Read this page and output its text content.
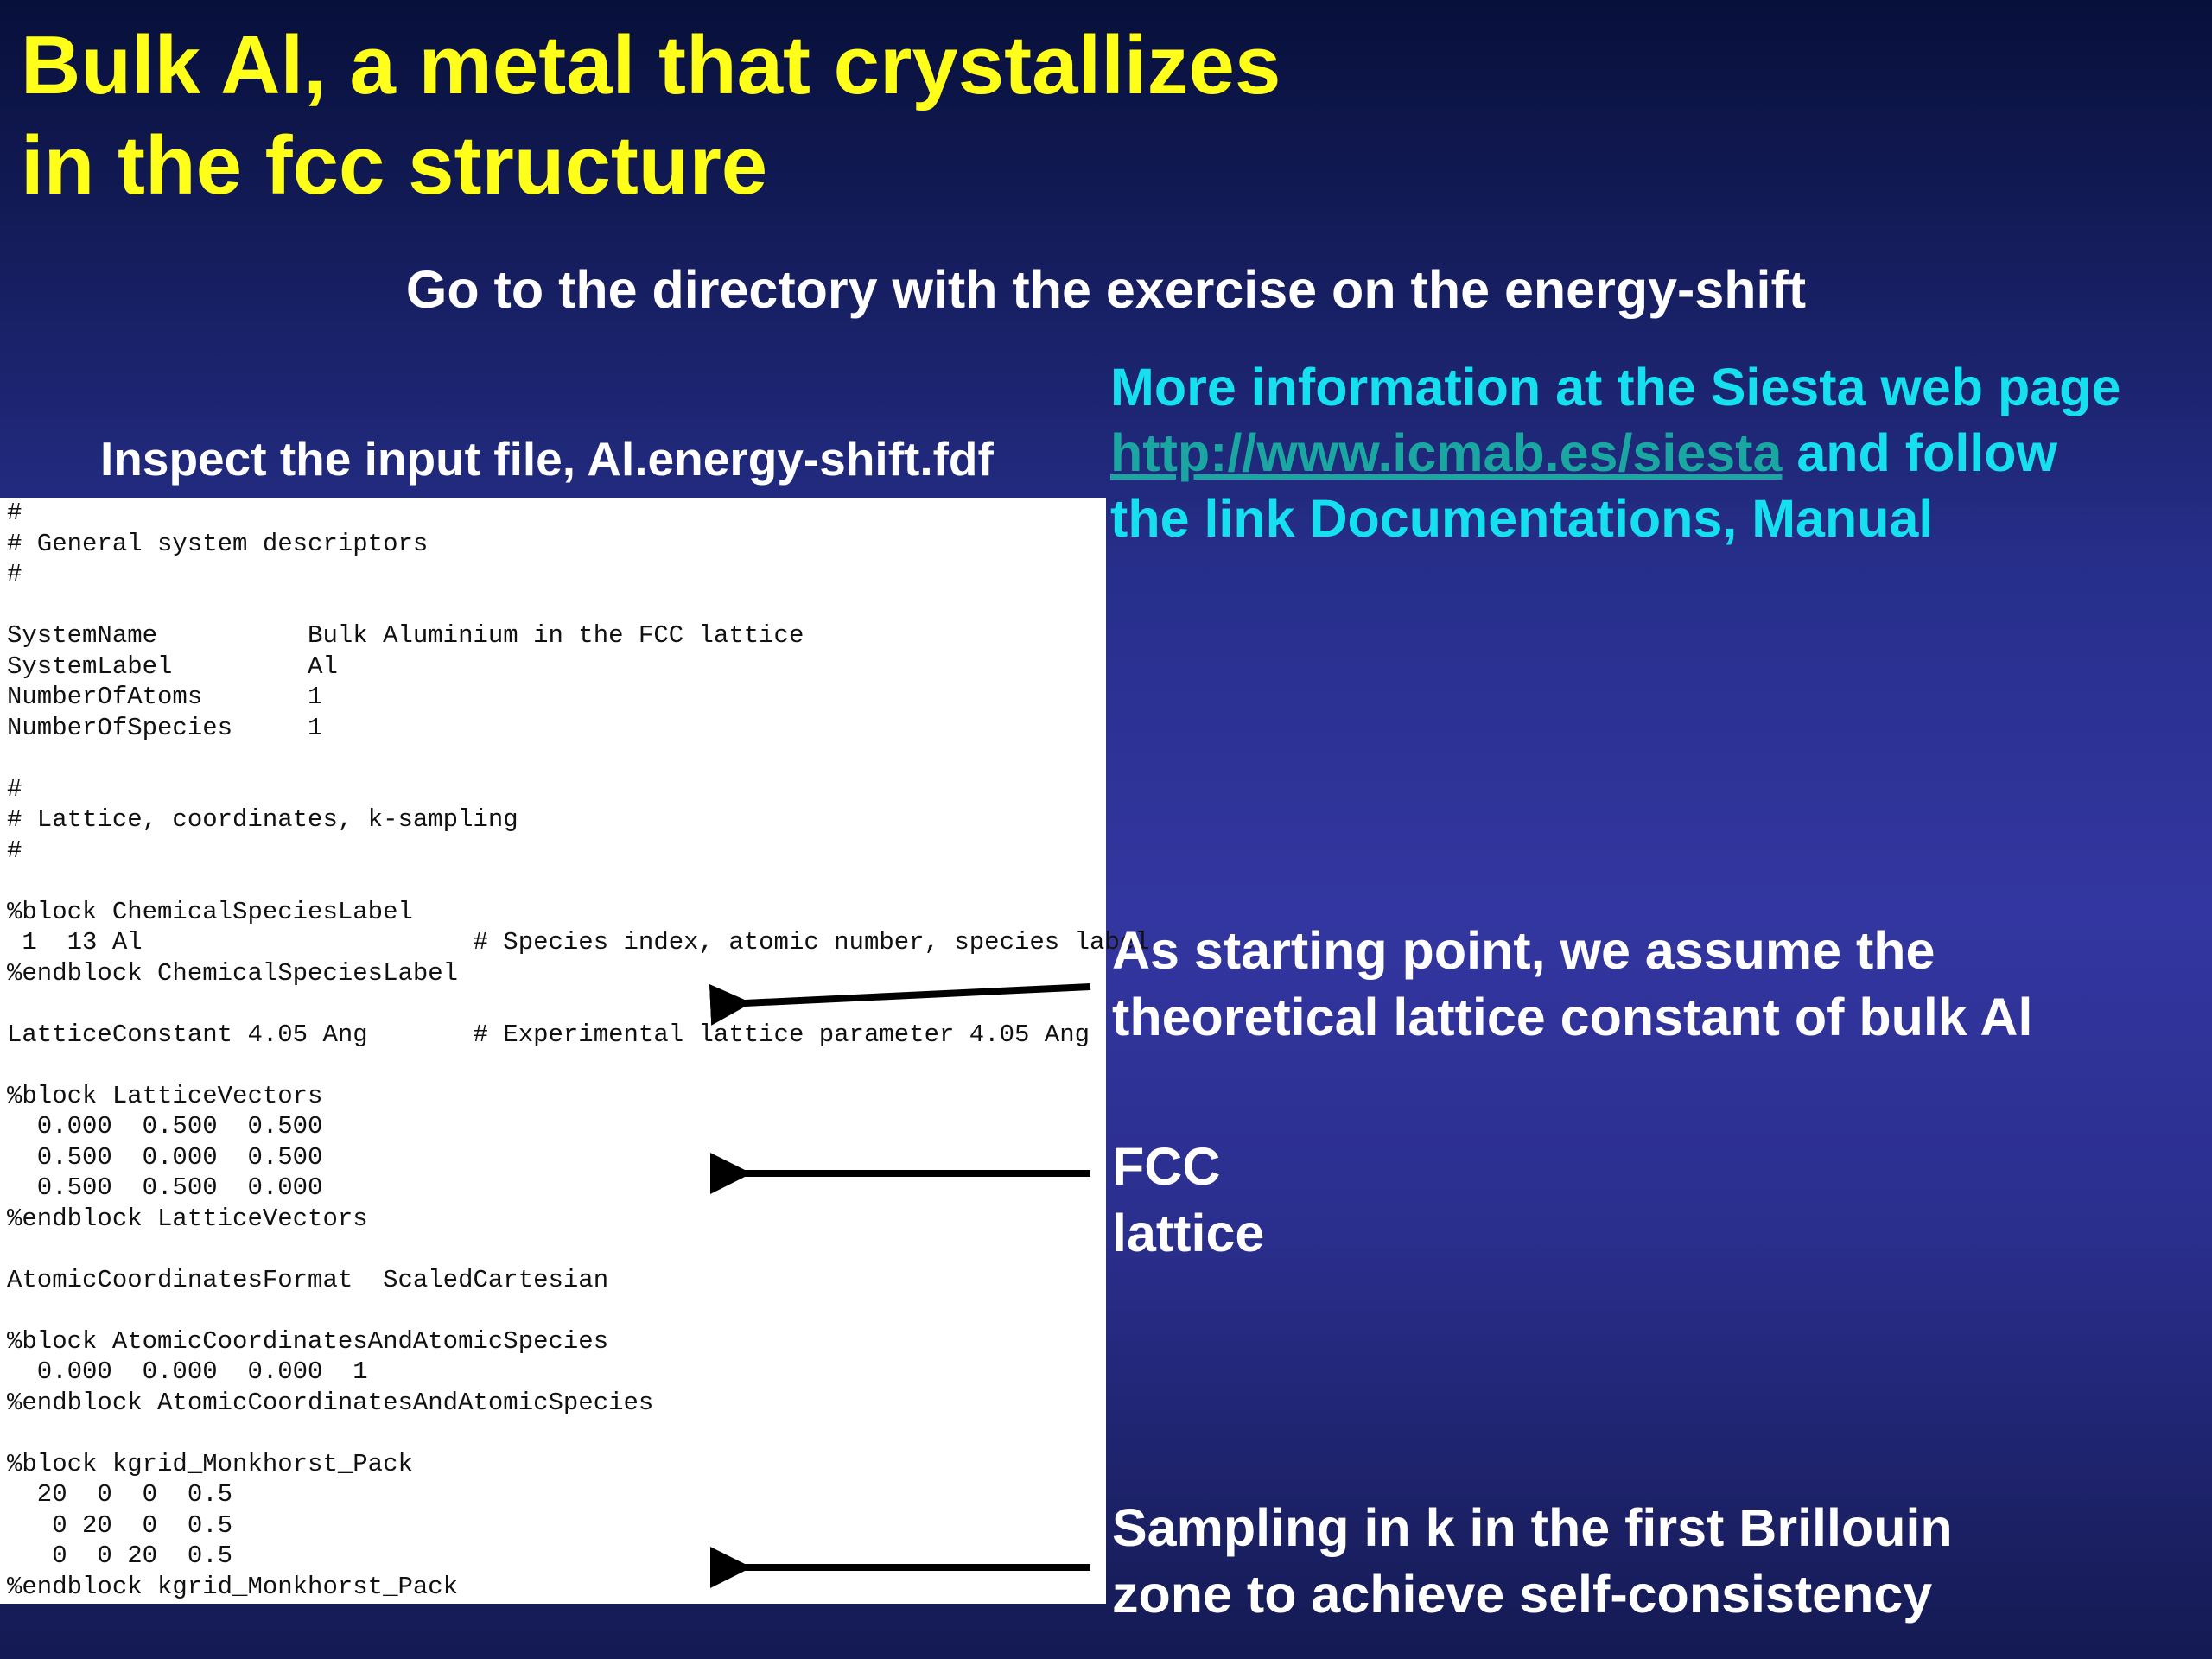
Bulk Al, a metal that crystallizes
in the fcc structure
Go to the directory with the exercise on the energy-shift
Inspect the input file, Al.energy-shift.fdf
More information at the Siesta web page
http://www.icmab.es/siesta and follow
the link Documentations, Manual
#
# General system descriptors
#

SystemName          Bulk Aluminium in the FCC lattice
SystemLabel         Al
NumberOfAtoms       1
NumberOfSpecies     1

#
# Lattice, coordinates, k-sampling
#

%block ChemicalSpeciesLabel
1  13 Al                      # Species index, atomic number, species label
%endblock ChemicalSpeciesLabel

LatticeConstant 4.05 Ang       # Experimental lattice parameter 4.05 Ang

%block LatticeVectors
0.000  0.500  0.500
0.500  0.000  0.500
0.500  0.500  0.000
%endblock LatticeVectors

AtomicCoordinatesFormat  ScaledCartesian

%block AtomicCoordinatesAndAtomicSpecies
0.000  0.000  0.000  1
%endblock AtomicCoordinatesAndAtomicSpecies

%block kgrid_Monkhorst_Pack
20  0  0  0.5
0 20  0  0.5
0  0 20  0.5
%endblock kgrid_Monkhorst_Pack
As starting point, we assume the
theoretical lattice constant of bulk Al
FCC
lattice
Sampling in k in the first Brillouin
zone to achieve self-consistency
